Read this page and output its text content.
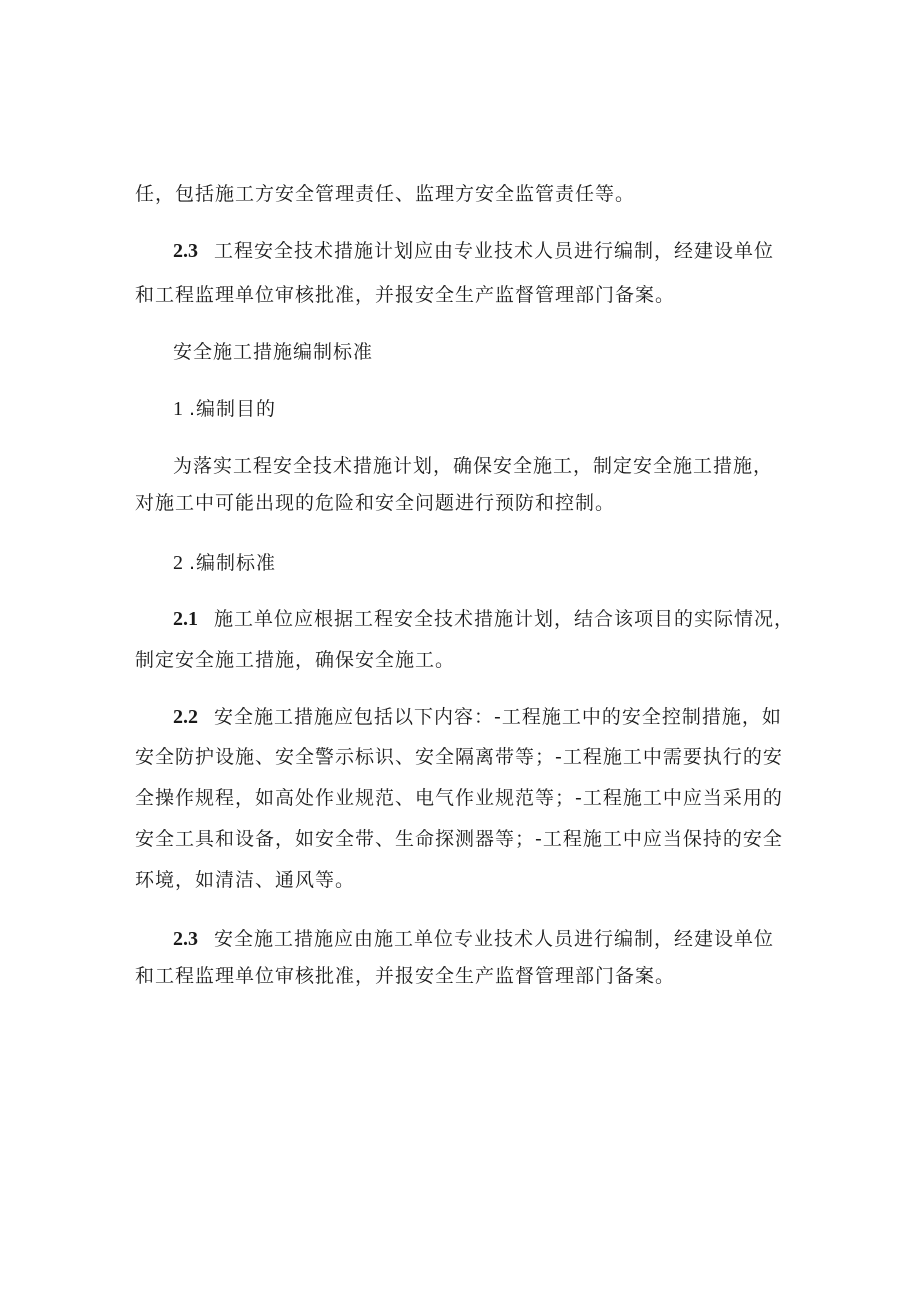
任，包括施工方安全管理责任、监理方安全监管责任等。
2.3 工程安全技术措施计划应由专业技术人员进行编制，经建设单位
和工程监理单位审核批准，并报安全生产监督管理部门备案。
安全施工措施编制标准
1 .编制目的
为落实工程安全技术措施计划，确保安全施工，制定安全施工措施，
对施工中可能出现的危险和安全问题进行预防和控制。
2 .编制标准
2.1 施工单位应根据工程安全技术措施计划，结合该项目的实际情况，
制定安全施工措施，确保安全施工。
2.2 安全施工措施应包括以下内容：-工程施工中的安全控制措施，如
安全防护设施、安全警示标识、安全隔离带等；-工程施工中需要执行的安
全操作规程，如高处作业规范、电气作业规范等；-工程施工中应当采用的
安全工具和设备，如安全带、生命探测器等；-工程施工中应当保持的安全
环境，如清洁、通风等。
2.3 安全施工措施应由施工单位专业技术人员进行编制，经建设单位
和工程监理单位审核批准，并报安全生产监督管理部门备案。
